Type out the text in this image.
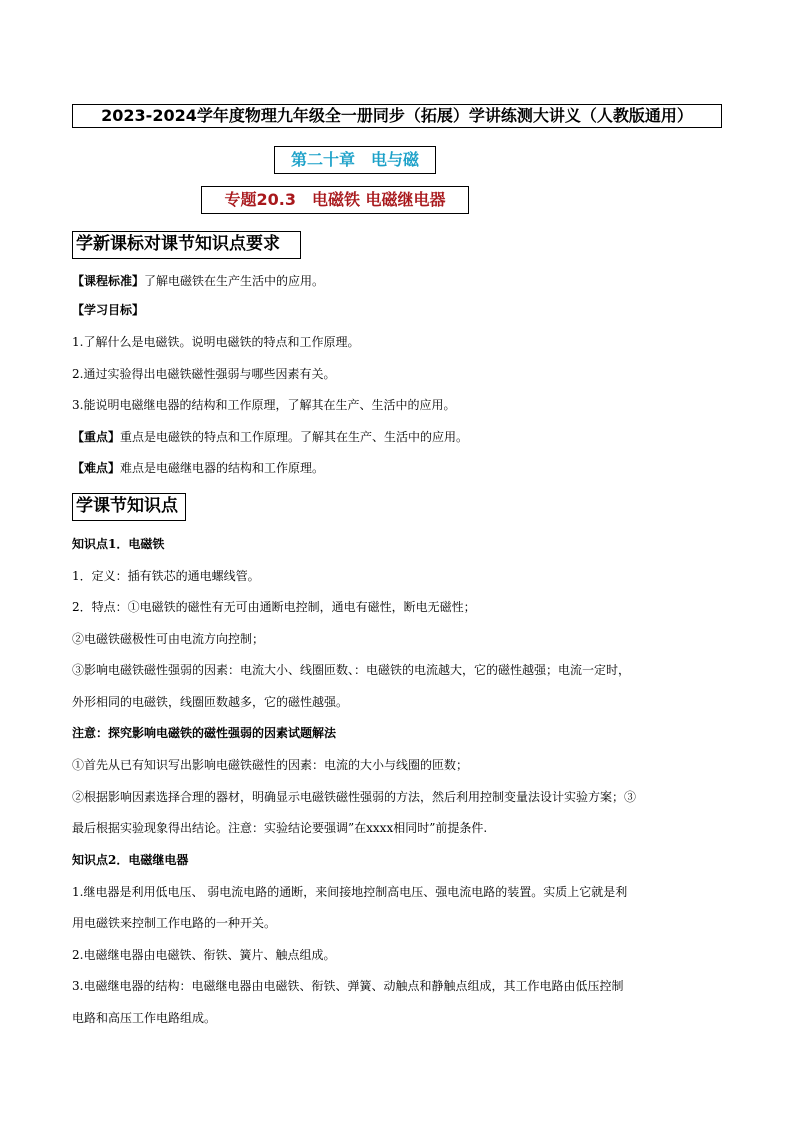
2023-2024学年度物理九年级全一册同步（拓展）学讲练测大讲义（人教版通用）
第二十章　电与磁
专题20.3　电磁铁 电磁继电器
学新课标对课节知识点要求
【课程标准】了解电磁铁在生产生活中的应用。
【学习目标】
1.了解什么是电磁铁。说明电磁铁的特点和工作原理。
2.通过实验得出电磁铁磁性强弱与哪些因素有关。
3.能说明电磁继电器的结构和工作原理，了解其在生产、生活中的应用。
【重点】重点是电磁铁的特点和工作原理。了解其在生产、生活中的应用。
【难点】难点是电磁继电器的结构和工作原理。
学课节知识点
知识点1．电磁铁
1．定义：插有铁芯的通电螺线管。
2．特点：①电磁铁的磁性有无可由通断电控制，通电有磁性，断电无磁性；
②电磁铁磁极性可由电流方向控制；
③影响电磁铁磁性强弱的因素：电流大小、线圈匝数、：电磁铁的电流越大，它的磁性越强；电流一定时，
外形相同的电磁铁，线圈匝数越多，它的磁性越强。
注意：探究影响电磁铁的磁性强弱的因素试题解法
①首先从已有知识写出影响电磁铁磁性的因素：电流的大小与线圈的匝数；
②根据影响因素选择合理的器材，明确显示电磁铁磁性强弱的方法，然后利用控制变量法设计实验方案；③
最后根据实验现象得出结论。注意：实验结论要强调”在xxxx相同时”前提条件.
知识点2．电磁继电器
1.继电器是利用低电压、 弱电流电路的通断，来间接地控制高电压、强电流电路的装置。实质上它就是利
用电磁铁来控制工作电路的一种开关。
2.电磁继电器由电磁铁、衔铁、簧片、触点组成。
3.电磁继电器的结构：电磁继电器由电磁铁、衔铁、弹簧、动触点和静触点组成，其工作电路由低压控制
电路和高压工作电路组成。
